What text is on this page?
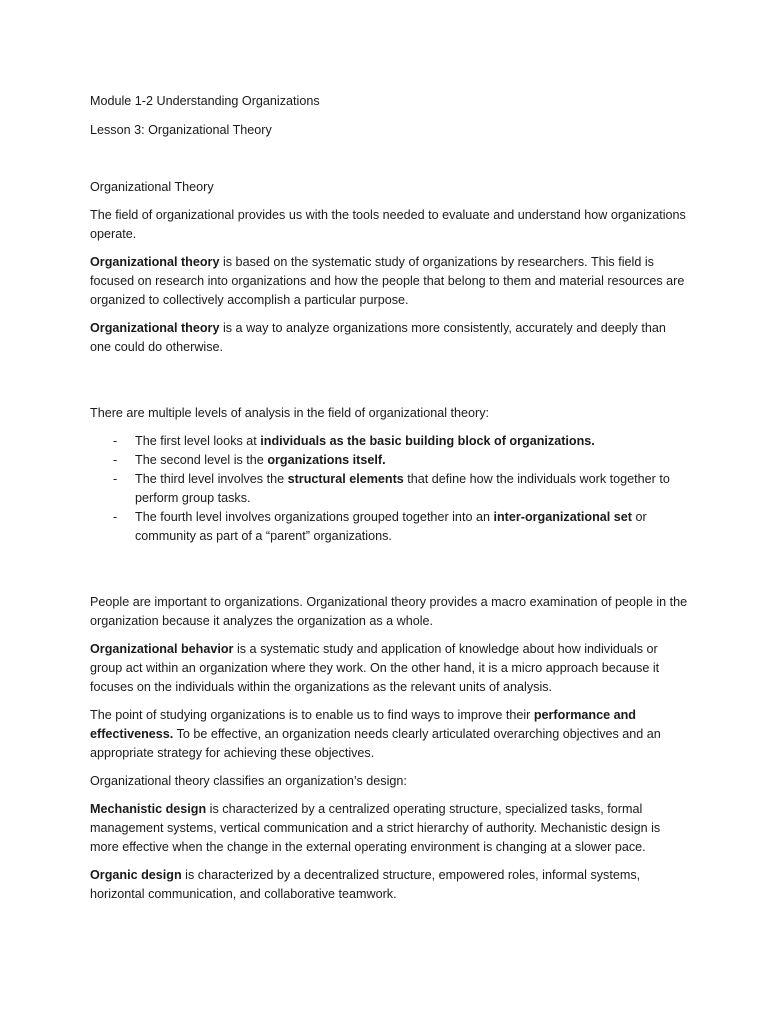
Module 1-2 Understanding Organizations
Lesson 3: Organizational Theory
Organizational Theory

The field of organizational provides us with the tools needed to evaluate and understand how organizations operate.

Organizational theory is based on the systematic study of organizations by researchers. This field is focused on research into organizations and how the people that belong to them and material resources are organized to collectively accomplish a particular purpose.

Organizational theory is a way to analyze organizations more consistently, accurately and deeply than one could do otherwise.

There are multiple levels of analysis in the field of organizational theory:

- The first level looks at individuals as the basic building block of organizations.
- The second level is the organizations itself.
- The third level involves the structural elements that define how the individuals work together to perform group tasks.
- The fourth level involves organizations grouped together into an inter-organizational set or community as part of a “parent” organizations.

People are important to organizations. Organizational theory provides a macro examination of people in the organization because it analyzes the organization as a whole.

Organizational behavior is a systematic study and application of knowledge about how individuals or group act within an organization where they work. On the other hand, it is a micro approach because it focuses on the individuals within the organizations as the relevant units of analysis.

The point of studying organizations is to enable us to find ways to improve their performance and effectiveness. To be effective, an organization needs clearly articulated overarching objectives and an appropriate strategy for achieving these objectives.

Organizational theory classifies an organization’s design:

Mechanistic design is characterized by a centralized operating structure, specialized tasks, formal management systems, vertical communication and a strict hierarchy of authority. Mechanistic design is more effective when the change in the external operating environment is changing at a slower pace.

Organic design is characterized by a decentralized structure, empowered roles, informal systems, horizontal communication, and collaborative teamwork.
